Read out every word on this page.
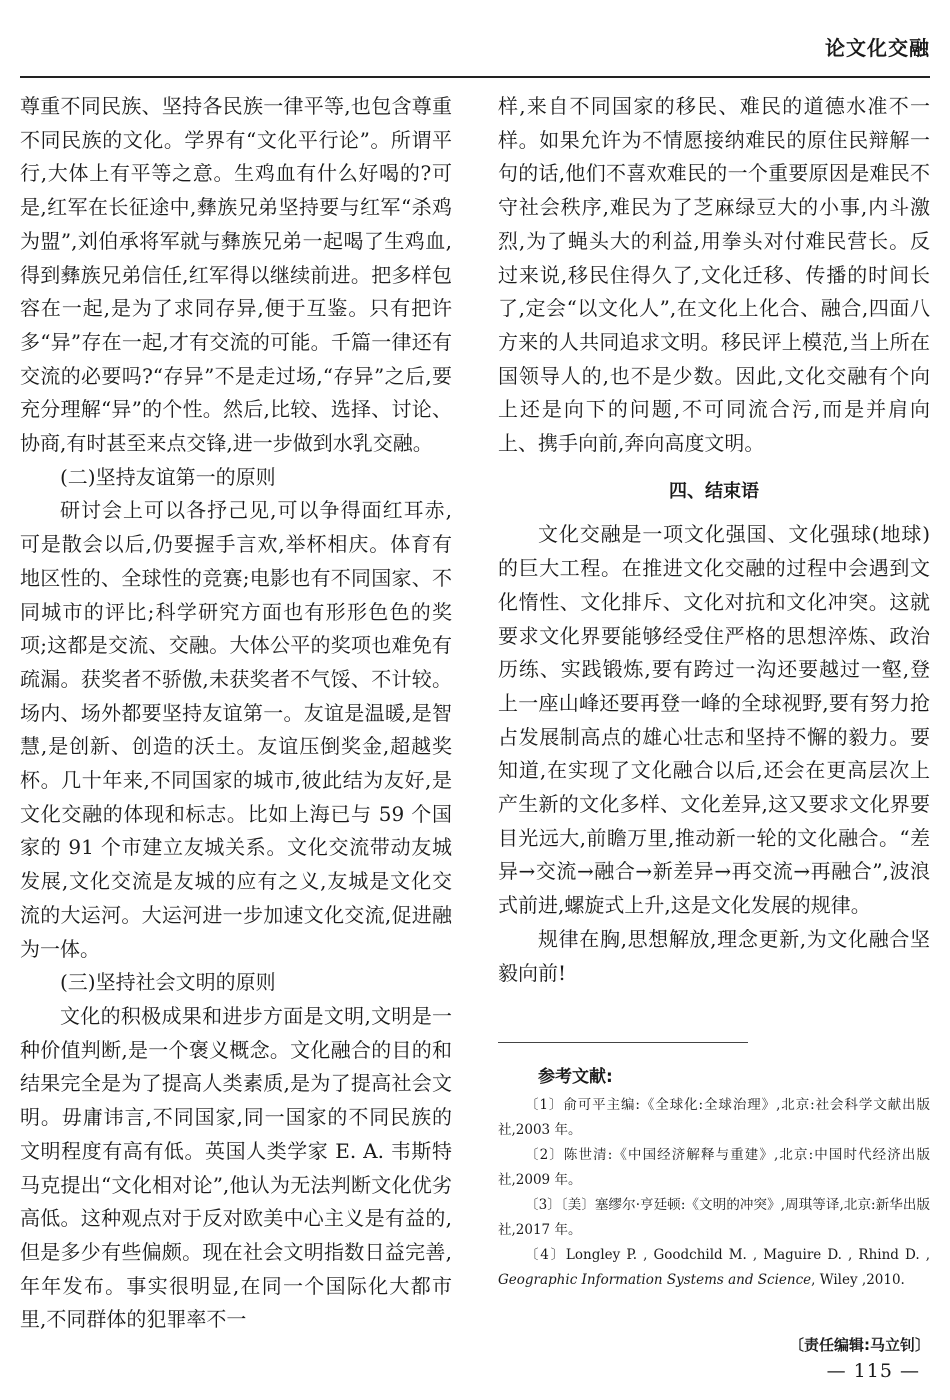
论文化交融

尊重不同民族、坚持各民族一律平等,也包含尊重不同民族的文化。学界有“文化平行论”。所谓平行,大体上有平等之意。生鸡血有什么好喝的?可是,红军在长征途中,彝族兄弟坚持要与红军“杀鸡为盟”,刘伯承将军就与彝族兄弟一起喝了生鸡血,得到彝族兄弟信任,红军得以继续前进。把多样包容在一起,是为了求同存异,便于互鉴。只有把许多“异”存在一起,才有交流的可能。千篇一律还有交流的必要吗?“存异”不是走过场,“存异”之后,要充分理解“异”的个性。然后,比较、选择、讨论、协商,有时甚至来点交锋,进一步做到水乳交融。

(二)坚持友谊第一的原则

研讨会上可以各抒己见,可以争得面红耳赤,可是散会以后,仍要握手言欢,举杯相庆。体育有地区性的、全球性的竞赛;电影也有不同国家、不同城市的评比;科学研究方面也有形形色色的奖项;这都是交流、交融。大体公平的奖项也难免有疏漏。获奖者不骄傲,未获奖者不气馁、不计较。场内、场外都要坚持友谊第一。友谊是温暖,是智慧,是创新、创造的沃土。友谊压倒奖金,超越奖杯。几十年来,不同国家的城市,彼此结为友好,是文化交融的体现和标志。比如上海已与 59 个国家的 91 个市建立友城关系。文化交流带动友城发展,文化交流是友城的应有之义,友城是文化交流的大运河。大运河进一步加速文化交流,促进融为一体。

(三)坚持社会文明的原则

文化的积极成果和进步方面是文明,文明是一种价值判断,是一个褒义概念。文化融合的目的和结果完全是为了提高人类素质,是为了提高社会文明。毋庸讳言,不同国家,同一国家的不同民族的文明程度有高有低。英国人类学家 E. A. 韦斯特马克提出“文化相对论”,他认为无法判断文化优劣高低。这种观点对于反对欧美中心主义是有益的,但是多少有些偏颇。现在社会文明指数日益完善,年年发布。事实很明显,在同一个国际化大都市里,不同群体的犯罪率不一

样,来自不同国家的移民、难民的道德水准不一样。如果允许为不情愿接纳难民的原住民辩解一句的话,他们不喜欢难民的一个重要原因是难民不守社会秩序,难民为了芝麻绿豆大的小事,内斗激烈,为了蝇头大的利益,用拳头对付难民营长。反过来说,移民住得久了,文化迁移、传播的时间长了,定会“以文化人”,在文化上化合、融合,四面八方来的人共同追求文明。移民评上模范,当上所在国领导人的,也不是少数。因此,文化交融有个向上还是向下的问题,不可同流合污,而是并肩向上、携手向前,奔向高度文明。

四、结束语

文化交融是一项文化强国、文化强球(地球)的巨大工程。在推进文化交融的过程中会遇到文化惰性、文化排斥、文化对抗和文化冲突。这就要求文化界要能够经受住严格的思想淬炼、政治历练、实践锻炼,要有跨过一沟还要越过一壑,登上一座山峰还要再登一峰的全球视野,要有努力抢占发展制高点的雄心壮志和坚持不懈的毅力。要知道,在实现了文化融合以后,还会在更高层次上产生新的文化多样、文化差异,这又要求文化界要目光远大,前瞻万里,推动新一轮的文化融合。“差异→交流→融合→新差异→再交流→再融合”,波浪式前进,螺旋式上升,这是文化发展的规律。

规律在胸,思想解放,理念更新,为文化融合坚毅向前!

参考文献:

〔1〕俞可平主编:《全球化:全球治理》,北京:社会科学文献出版社,2003 年。

〔2〕陈世清:《中国经济解释与重建》,北京:中国时代经济出版社,2009 年。

〔3〕〔美〕塞缪尔·亨廷顿:《文明的冲突》,周琪等译,北京:新华出版社,2017 年。

〔4〕Longley P. , Goodchild M. , Maguire D. , Rhind D. , Geographic Information Systems and Science, Wiley ,2010.

〔责任编辑:马立钊〕
— 115 —
